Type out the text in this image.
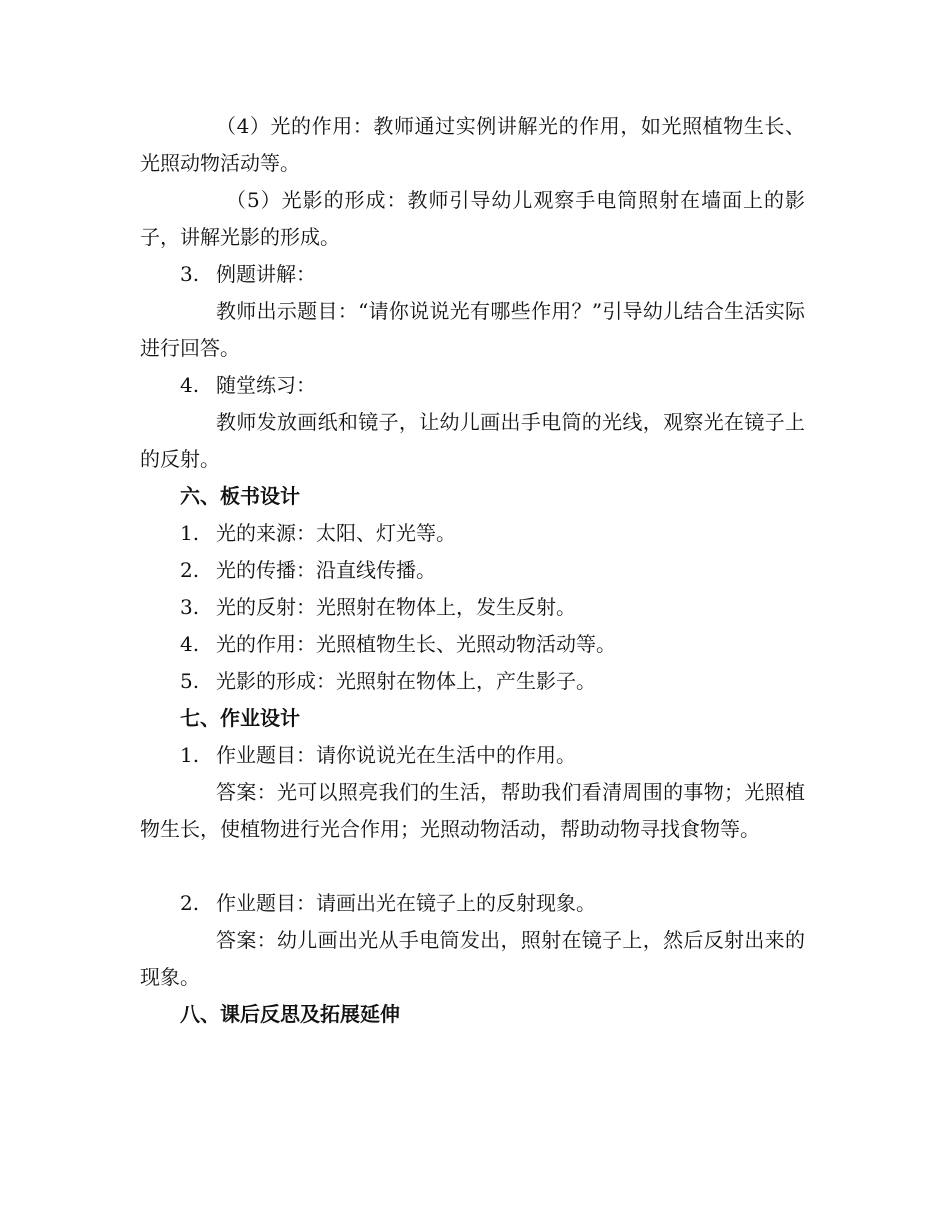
（4）光的作用：教师通过实例讲解光的作用，如光照植物生长、光照动物活动等。

（5）光影的形成：教师引导幼儿观察手电筒照射在墙面上的影子，讲解光影的形成。

3. 例题讲解：

教师出示题目：“请你说说光有哪些作用？”引导幼儿结合生活实际进行回答。

4. 随堂练习：

教师发放画纸和镜子，让幼儿画出手电筒的光线，观察光在镜子上的反射。

六、板书设计

1. 光的来源：太阳、灯光等。

2. 光的传播：沿直线传播。

3. 光的反射：光照射在物体上，发生反射。

4. 光的作用：光照植物生长、光照动物活动等。

5. 光影的形成：光照射在物体上，产生影子。

七、作业设计

1. 作业题目：请你说说光在生活中的作用。

答案：光可以照亮我们的生活，帮助我们看清周围的事物；光照植物生长，使植物进行光合作用；光照动物活动，帮助动物寻找食物等。

2. 作业题目：请画出光在镜子上的反射现象。

答案：幼儿画出光从手电筒发出，照射在镜子上，然后反射出来的现象。

八、课后反思及拓展延伸
